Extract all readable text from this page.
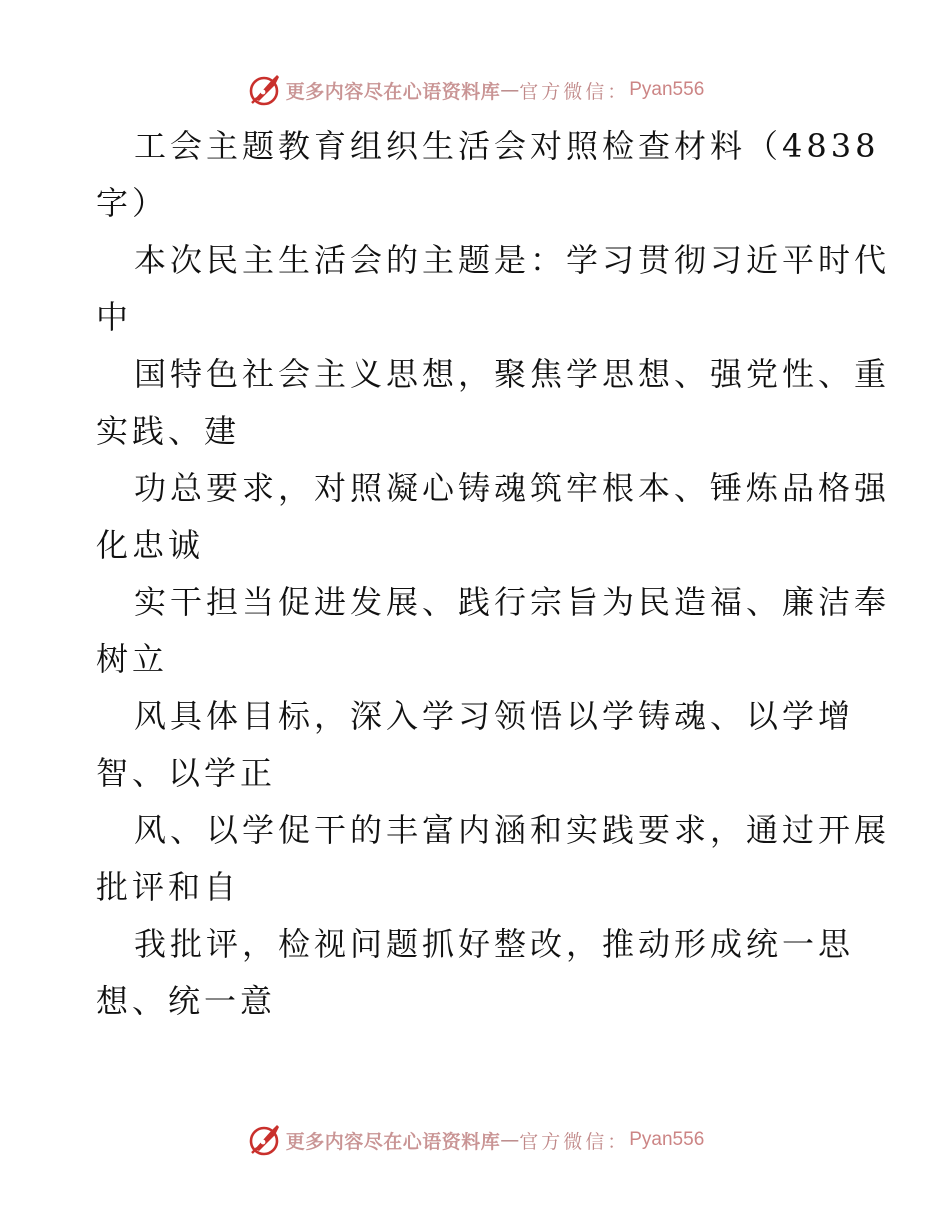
更多内容尽在心语资料库 — 官方微信： Pyan556
工会主题教育组织生活会对照检查材料（4838
字）
本次民主生活会的主题是：学习贯彻习近平时代
中
国特色社会主义思想，聚焦学思想、强党性、重
实践、建
功总要求，对照凝心铸魂筑牢根本、锤炼品格强
化忠诚
实干担当促进发展、践行宗旨为民造福、廉洁奉
树立
风具体目标，深入学习领悟以学铸魂、以学增
智、以学正
风、以学促干的丰富内涵和实践要求，通过开展
批评和自
我批评，检视问题抓好整改，推动形成统一思
想、统一意
更多内容尽在心语资料库 — 官方微信： Pyan556
